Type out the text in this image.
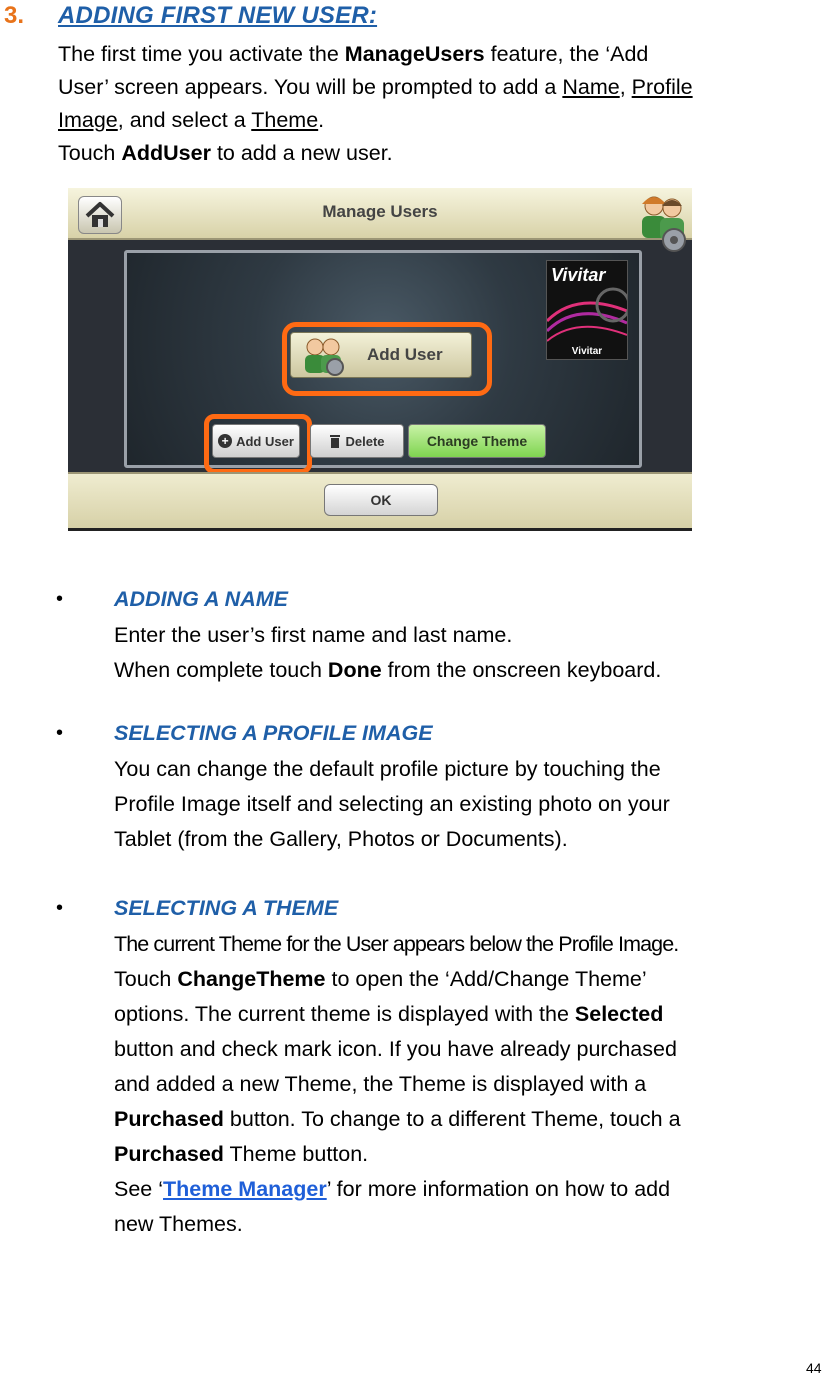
3. ADDING FIRST NEW USER:

The first time you activate the ManageUsers feature, the ‘Add

User’ screen appears. You will be prompted to add a Name, Profile

Image, and select a Theme.

Touch AddUser to add a new user.

Manage Users
Vivitar
Vivitar
Add User
+ Add User	Delete	Change Theme
OK
• ADDING A NAME

Enter the user’s first name and last name.

When complete touch Done from the onscreen keyboard.

• SELECTING A PROFILE IMAGE

You can change the default profile picture by touching the

Profile Image itself and selecting an existing photo on your

Tablet (from the Gallery, Photos or Documents).

• SELECTING A THEME

The current Theme for the User appears below the Profile Image.

Touch ChangeTheme to open the ‘Add/Change Theme’

options. The current theme is displayed with the Selected

button and check mark icon. If you have already purchased

and added a new Theme, the Theme is displayed with a

Purchased button. To change to a different Theme, touch a

Purchased Theme button.

See ‘Theme Manager’ for more information on how to add

new Themes.

44
